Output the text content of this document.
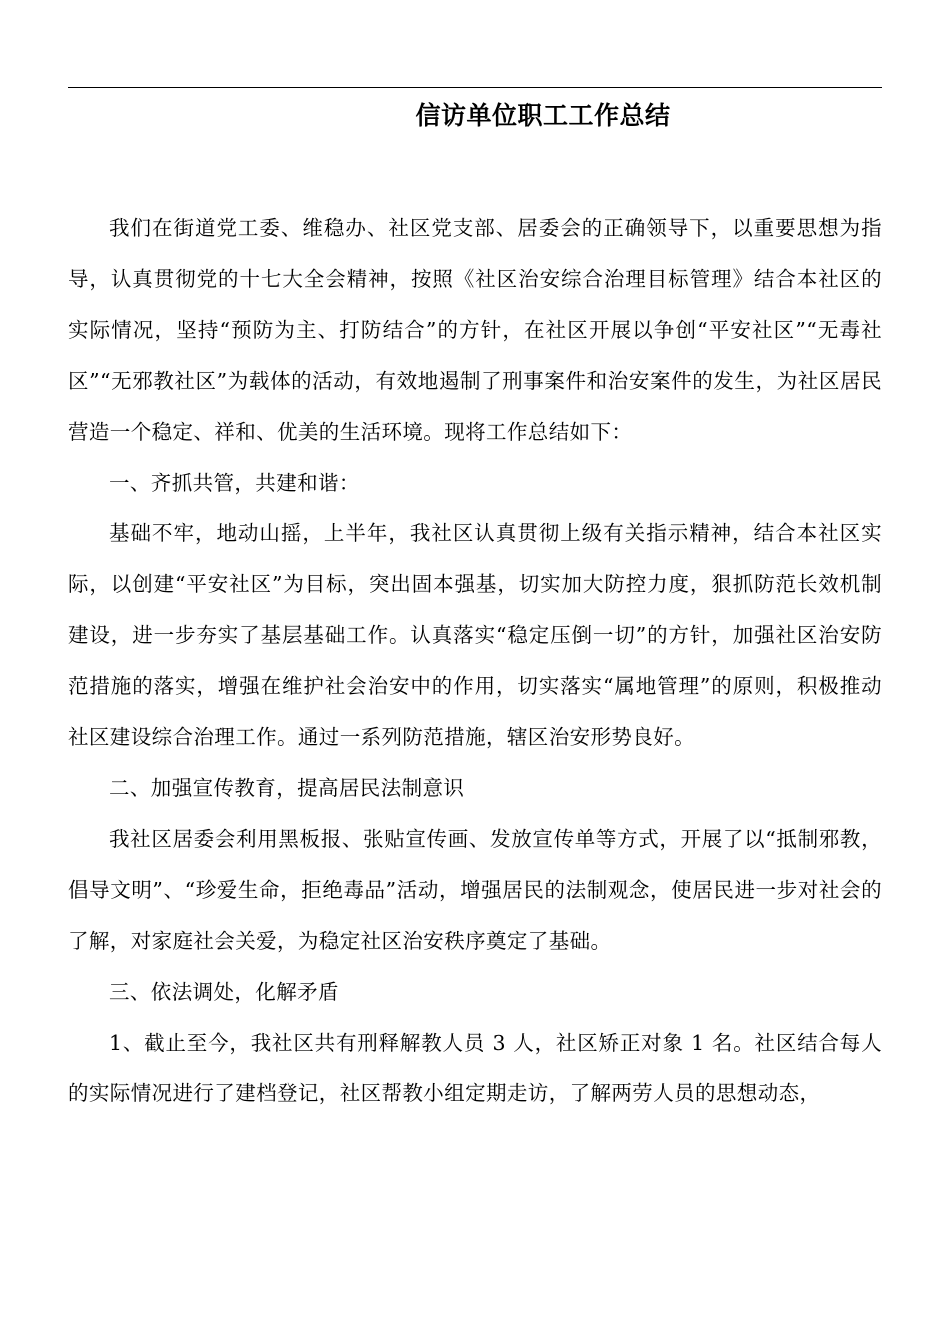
信访单位职工工作总结

我们在街道党工委、维稳办、社区党支部、居委会的正确领导下，以重要思想为指导，认真贯彻党的十七大全会精神，按照《社区治安综合治理目标管理》结合本社区的实际情况，坚持“预防为主、打防结合”的方针，在社区开展以争创“平安社区”“无毒社区”“无邪教社区”为载体的活动，有效地遏制了刑事案件和治安案件的发生，为社区居民营造一个稳定、祥和、优美的生活环境。现将工作总结如下：

一、齐抓共管，共建和谐：

基础不牢，地动山摇，上半年，我社区认真贯彻上级有关指示精神，结合本社区实际，以创建“平安社区”为目标，突出固本强基，切实加大防控力度，狠抓防范长效机制建设，进一步夯实了基层基础工作。认真落实“稳定压倒一切”的方针，加强社区治安防范措施的落实，增强在维护社会治安中的作用，切实落实“属地管理”的原则，积极推动社区建设综合治理工作。通过一系列防范措施，辖区治安形势良好。

二、加强宣传教育，提高居民法制意识

我社区居委会利用黑板报、张贴宣传画、发放宣传单等方式，开展了以“抵制邪教，倡导文明”、“珍爱生命，拒绝毒品”活动，增强居民的法制观念，使居民进一步对社会的了解，对家庭社会关爱，为稳定社区治安秩序奠定了基础。

三、依法调处，化解矛盾

1、截止至今，我社区共有刑释解教人员 3 人，社区矫正对象 1 名。社区结合每人的实际情况进行了建档登记，社区帮教小组定期走访，了解两劳人员的思想动态，
